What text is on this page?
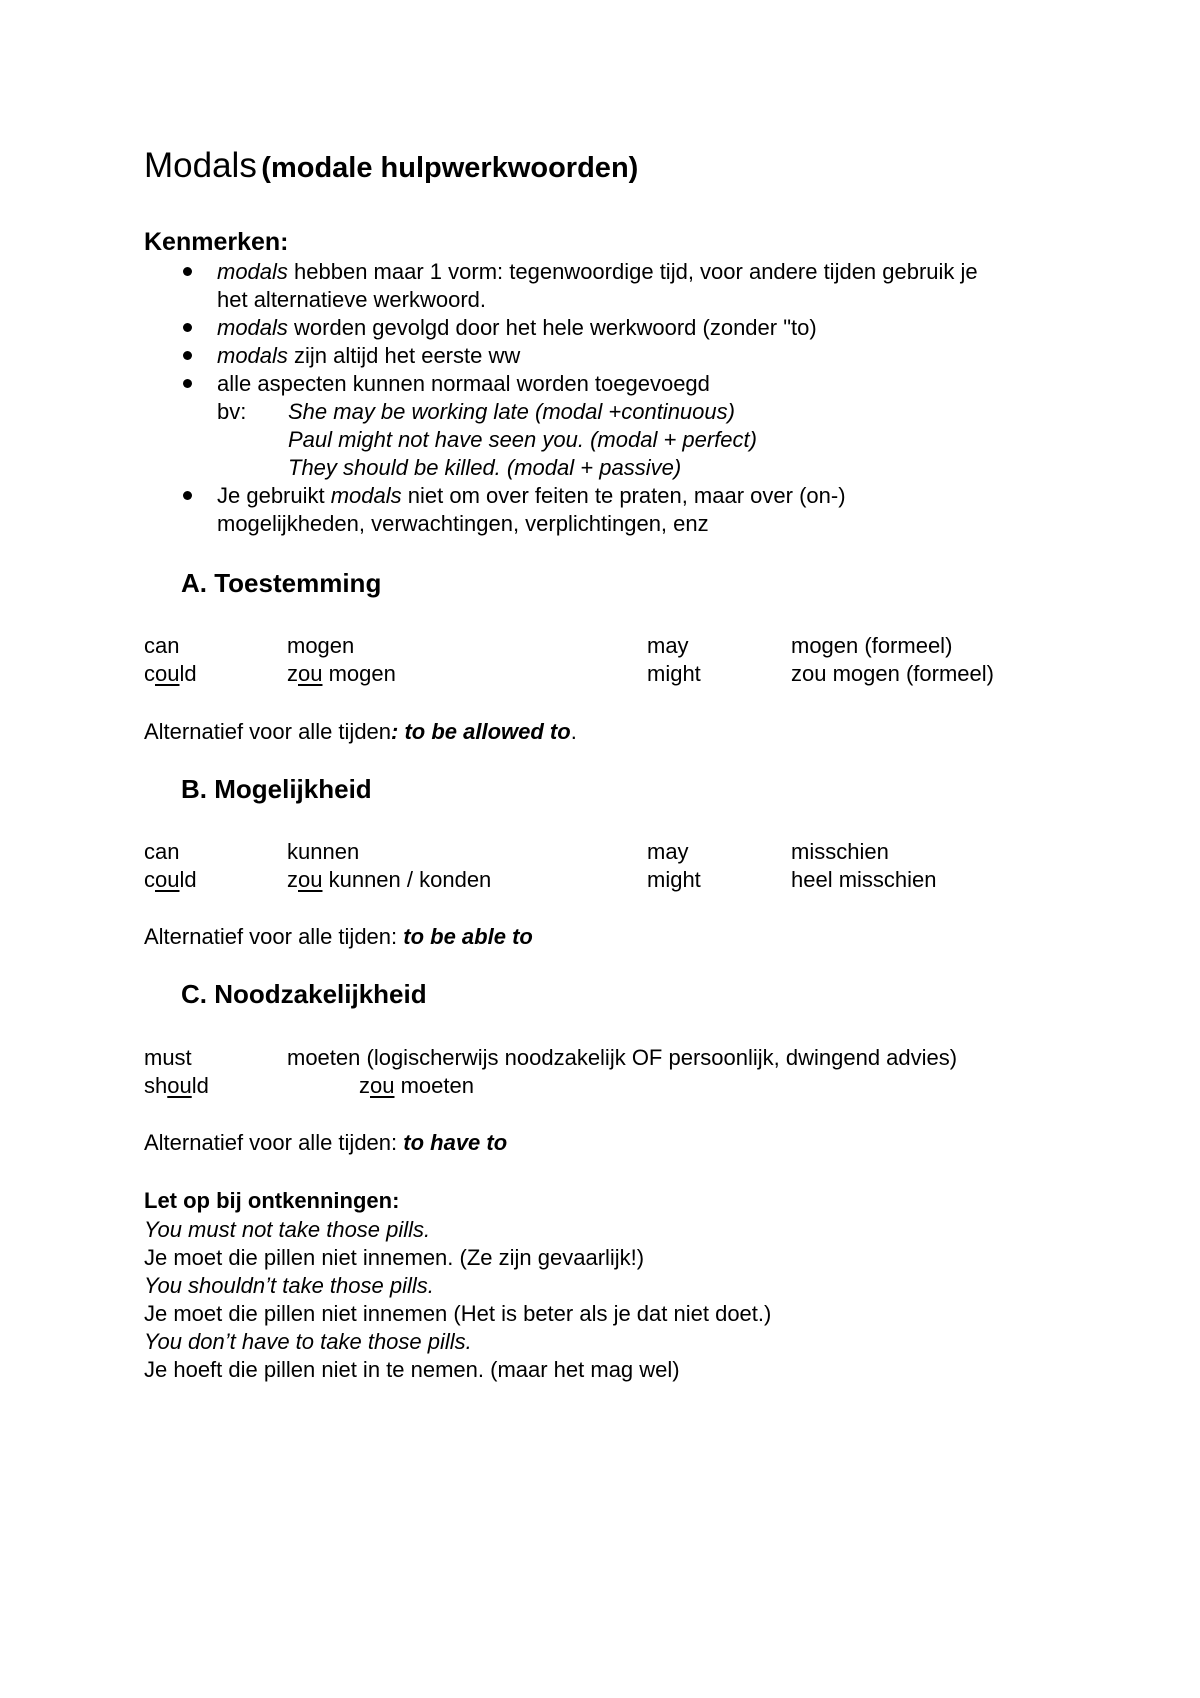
Modals (modale hulpwerkwoorden)
Kenmerken:
modals hebben maar 1 vorm: tegenwoordige tijd, voor andere tijden gebruik je
het alternatieve werkwoord.
modals worden gevolgd door het hele werkwoord (zonder "to)
modals zijn altijd het eerste ww
alle aspecten kunnen normaal worden toegevoegd
bv: She may be working late (modal +continuous)
Paul might not have seen you. (modal + perfect)
They should be killed. (modal + passive)
Je gebruikt modals niet om over feiten te praten, maar over (on-)
mogelijkheden, verwachtingen, verplichtingen, enz
A. Toestemming
can	mogen	may	mogen (formeel)
could	zou mogen	might	zou mogen (formeel)
Alternatief voor alle tijden: to be allowed to.
B. Mogelijkheid
can	kunnen	may	misschien
could	zou kunnen / konden	might	heel misschien
Alternatief voor alle tijden: to be able to
C. Noodzakelijkheid
must	moeten (logischerwijs noodzakelijk OF persoonlijk, dwingend advies)
should	zou moeten
Alternatief voor alle tijden: to have to
Let op bij ontkenningen:
You must not take those pills.
Je moet die pillen niet innemen. (Ze zijn gevaarlijk!)
You shouldn’t take those pills.
Je moet die pillen niet innemen (Het is beter als je dat niet doet.)
You don’t have to take those pills.
Je hoeft die pillen niet in te nemen. (maar het mag wel)
